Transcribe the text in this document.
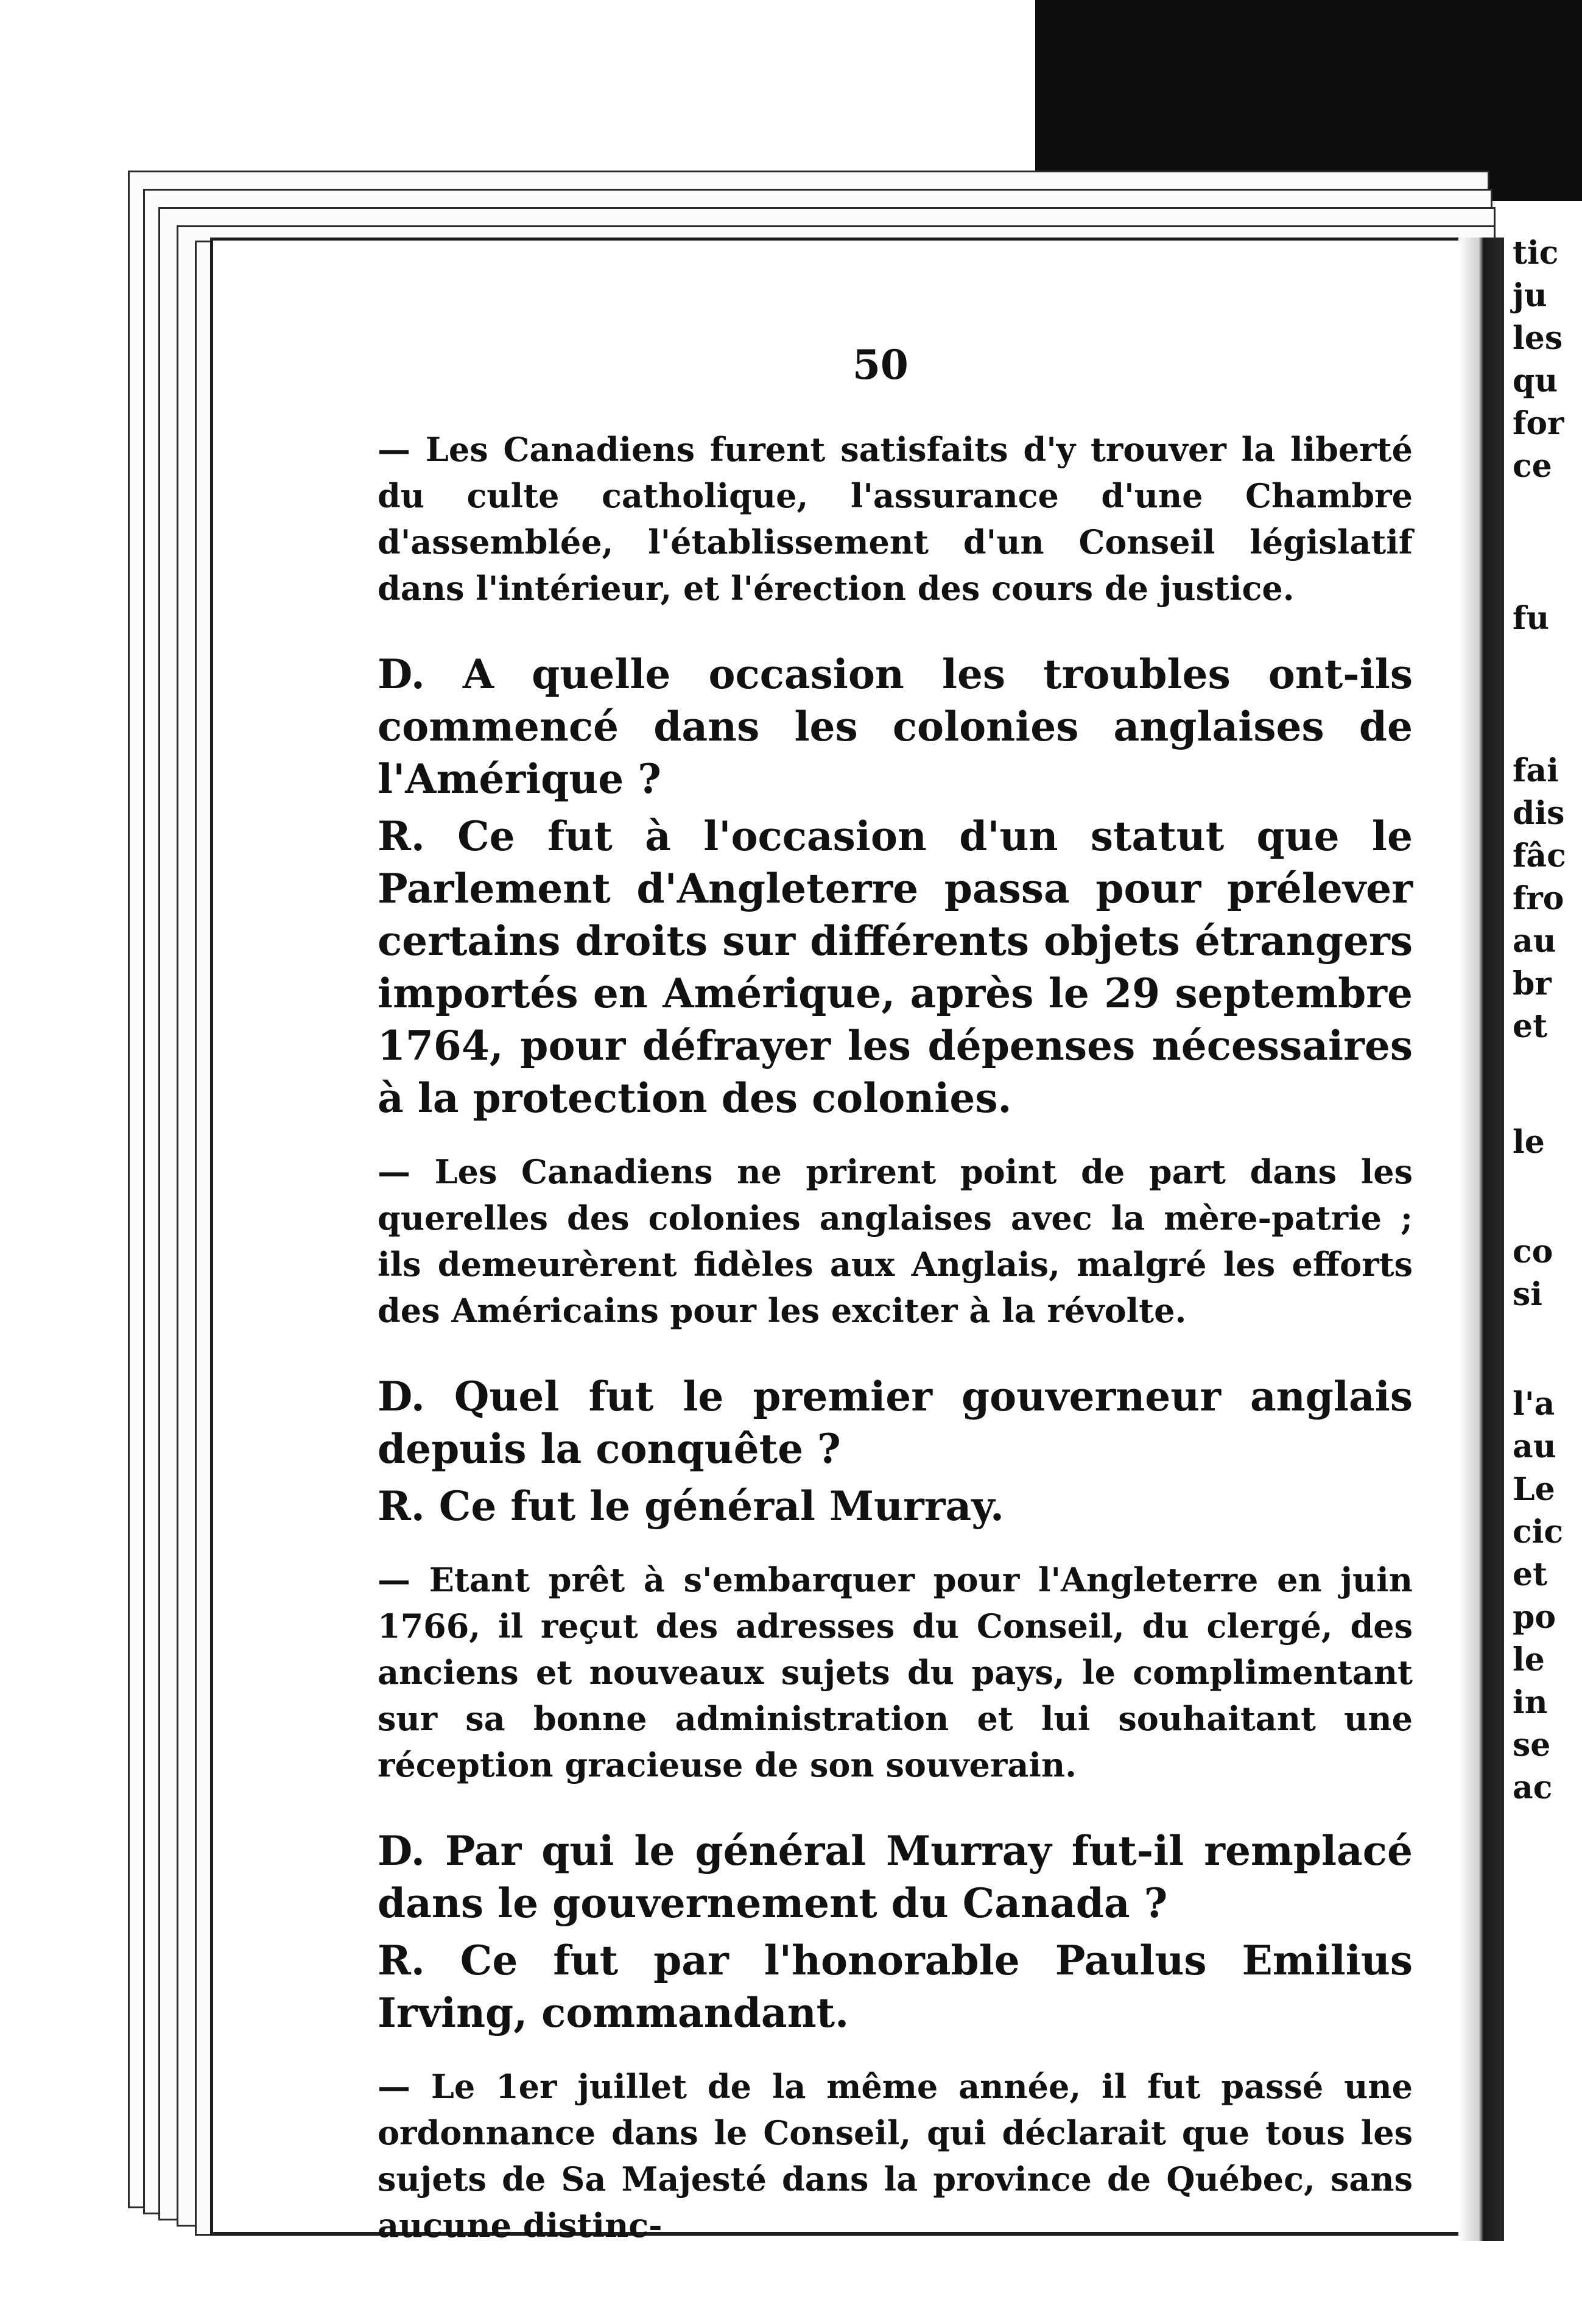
tic
ju
les
qu
for
ce
fu
fai
dis
fâc
fro
au
br
et
le
co
si
l'a
au
Le
cic
et
po
le
in
se
ac
50

— Les Canadiens furent satisfaits d'y trouver la liberté du culte catholique, l'assurance d'une Chambre d'assemblée, l'établissement d'un Conseil législatif dans l'intérieur, et l'érection des cours de justice.

D. A quelle occasion les troubles ont-ils commencé dans les colonies anglaises de l'Amérique ?

R. Ce fut à l'occasion d'un statut que le Parlement d'Angleterre passa pour prélever certains droits sur différents objets étrangers importés en Amérique, après le 29 septembre 1764, pour défrayer les dépenses nécessaires à la protection des colonies.

— Les Canadiens ne prirent point de part dans les querelles des colonies anglaises avec la mère-patrie ; ils demeurèrent fidèles aux Anglais, malgré les efforts des Américains pour les exciter à la révolte.

D. Quel fut le premier gouverneur anglais depuis la conquête ?

R. Ce fut le général Murray.

— Etant prêt à s'embarquer pour l'Angleterre en juin 1766, il reçut des adresses du Conseil, du clergé, des anciens et nouveaux sujets du pays, le complimentant sur sa bonne administration et lui souhaitant une réception gracieuse de son souverain.

D. Par qui le général Murray fut-il remplacé dans le gouvernement du Canada ?

R. Ce fut par l'honorable Paulus Emilius Irving, commandant.

— Le 1er juillet de la même année, il fut passé une ordonnance dans le Conseil, qui déclarait que tous les sujets de Sa Majesté dans la province de Québec, sans aucune distinc-
